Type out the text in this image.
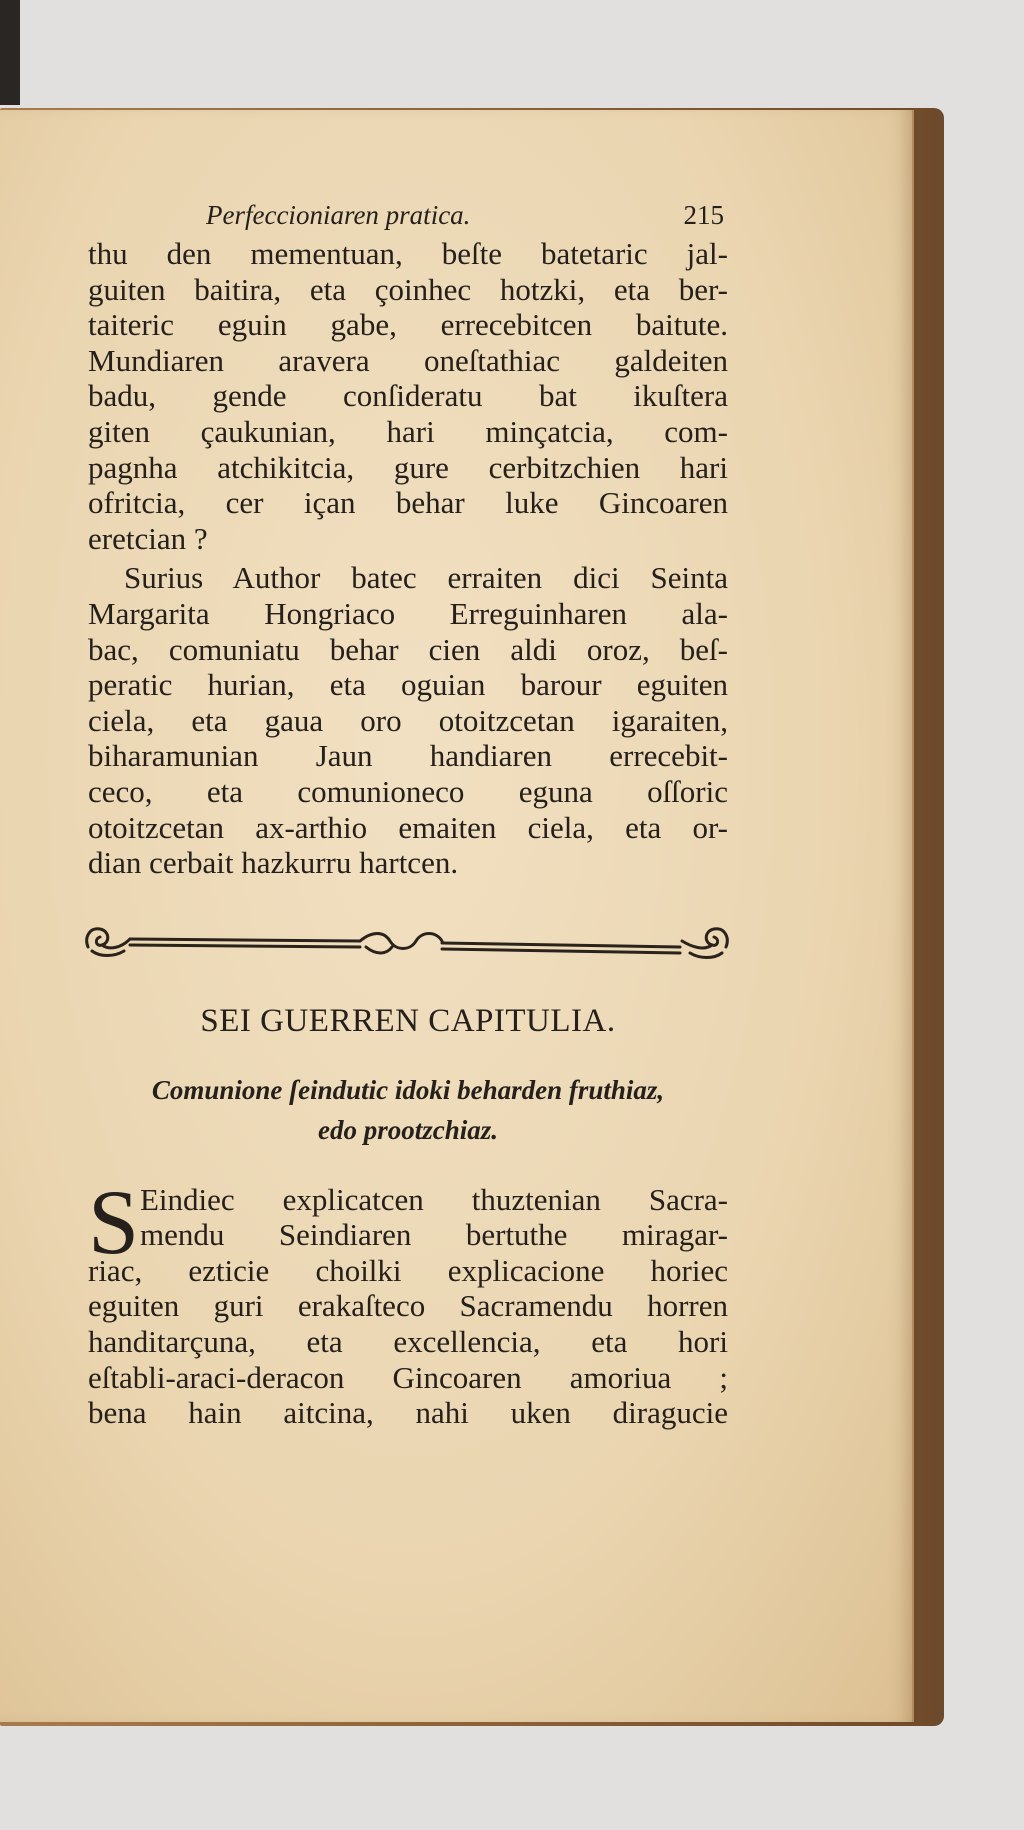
Perfeccioniaren pratica.	215
thu den mementuan, beſte batetaric jal-
guiten baitira, eta çoinhec hotzki, eta ber-
taiteric eguin gabe, errecebitcen baitute.
Mundiaren aravera oneſtathiac galdeiten
badu, gende conſideratu bat ikuſtera
giten çaukunian, hari minçatcia, com-
pagnha atchikitcia, gure cerbitzchien hari
ofritcia, cer içan behar luke Gincoaren
eretcian ?
Surius Author batec erraiten dici Seinta
Margarita Hongriaco Erreguinharen ala-
bac, comuniatu behar cien aldi oroz, beſ-
peratic hurian, eta oguian barour eguiten
ciela, eta gaua oro otoitzcetan igaraiten,
biharamunian Jaun handiaren errecebit-
ceco, eta comunioneco eguna oſſoric
otoitzcetan ax-arthio emaiten ciela, eta or-
dian cerbait hazkurru hartcen.
SEI GUERREN CAPITULIA.
Comunione ſeindutic idoki beharden fruthiaz,
edo prootzchiaz.
S Eindiec explicatcen thuztenian Sacra-
mendu Seindiaren bertuthe miragar-
riac, ezticie choilki explicacione horiec
eguiten guri erakaſteco Sacramendu horren
handitarçuna, eta excellencia, eta hori
eſtabli-araci-deracon Gincoaren amoriua ;
bena hain aitcina, nahi uken diragucie
